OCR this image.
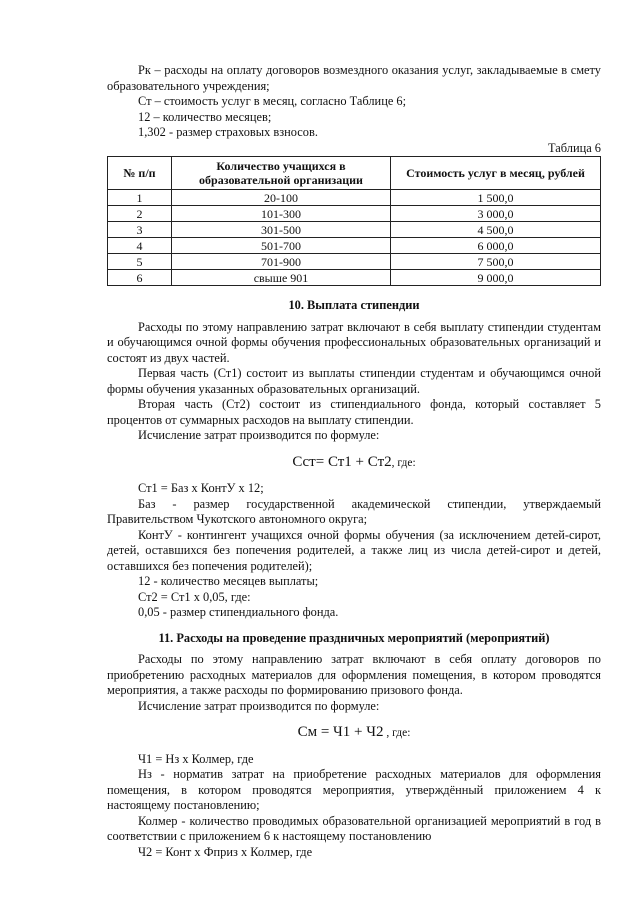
Рк – расходы на оплату договоров возмездного оказания услуг, закладываемые в смету образовательного учреждения;

Ст – стоимость услуг в месяц, согласно Таблице 6;

12 – количество месяцев;

1,302 - размер страховых взносов.

Таблица 6

№ п/п	Количество учащихся в образовательной организации	Стоимость услуг в месяц, рублей
1	20-100	1 500,0
2	101-300	3 000,0
3	301-500	4 500,0
4	501-700	6 000,0
5	701-900	7 500,0
6	свыше 901	9 000,0

10. Выплата стипендии

Расходы по этому направлению затрат включают в себя выплату стипендии студентам и обучающимся очной формы обучения профессиональных образовательных организаций и состоят из двух частей.

Первая часть (Ст1) состоит из выплаты стипендии студентам и обучающимся очной формы обучения указанных образовательных организаций.

Вторая часть (Ст2) состоит из стипендиального фонда, который составляет 5 процентов от суммарных расходов на выплату стипендии.

Исчисление затрат производится по формуле:

Сст= Ст1 + Ст2, где:

Ст1 = Баз х КонтУ х 12;

Баз - размер государственной академической стипендии, утверждаемый Правительством Чукотского автономного округа;

КонтУ - контингент учащихся очной формы обучения (за исключением детей-сирот, детей, оставшихся без попечения родителей, а также лиц из числа детей-сирот и детей, оставшихся без попечения родителей);

12 - количество месяцев выплаты;

Ст2 = Ст1 х 0,05, где:

0,05 - размер стипендиального фонда.

11. Расходы на проведение праздничных мероприятий (мероприятий)

Расходы по этому направлению затрат включают в себя оплату договоров по приобретению расходных материалов для оформления помещения, в котором проводятся мероприятия, а также расходы по формированию призового фонда.

Исчисление затрат производится по формуле:

См = Ч1 + Ч2 , где:

Ч1 = Нз х Колмер, где

Нз - норматив затрат на приобретение расходных материалов для оформления помещения, в котором проводятся мероприятия, утверждённый приложением 4 к настоящему постановлению;

Колмер - количество проводимых образовательной организацией мероприятий в год в соответствии с приложением 6 к настоящему постановлению

Ч2 = Конт х Фприз х Колмер, где
